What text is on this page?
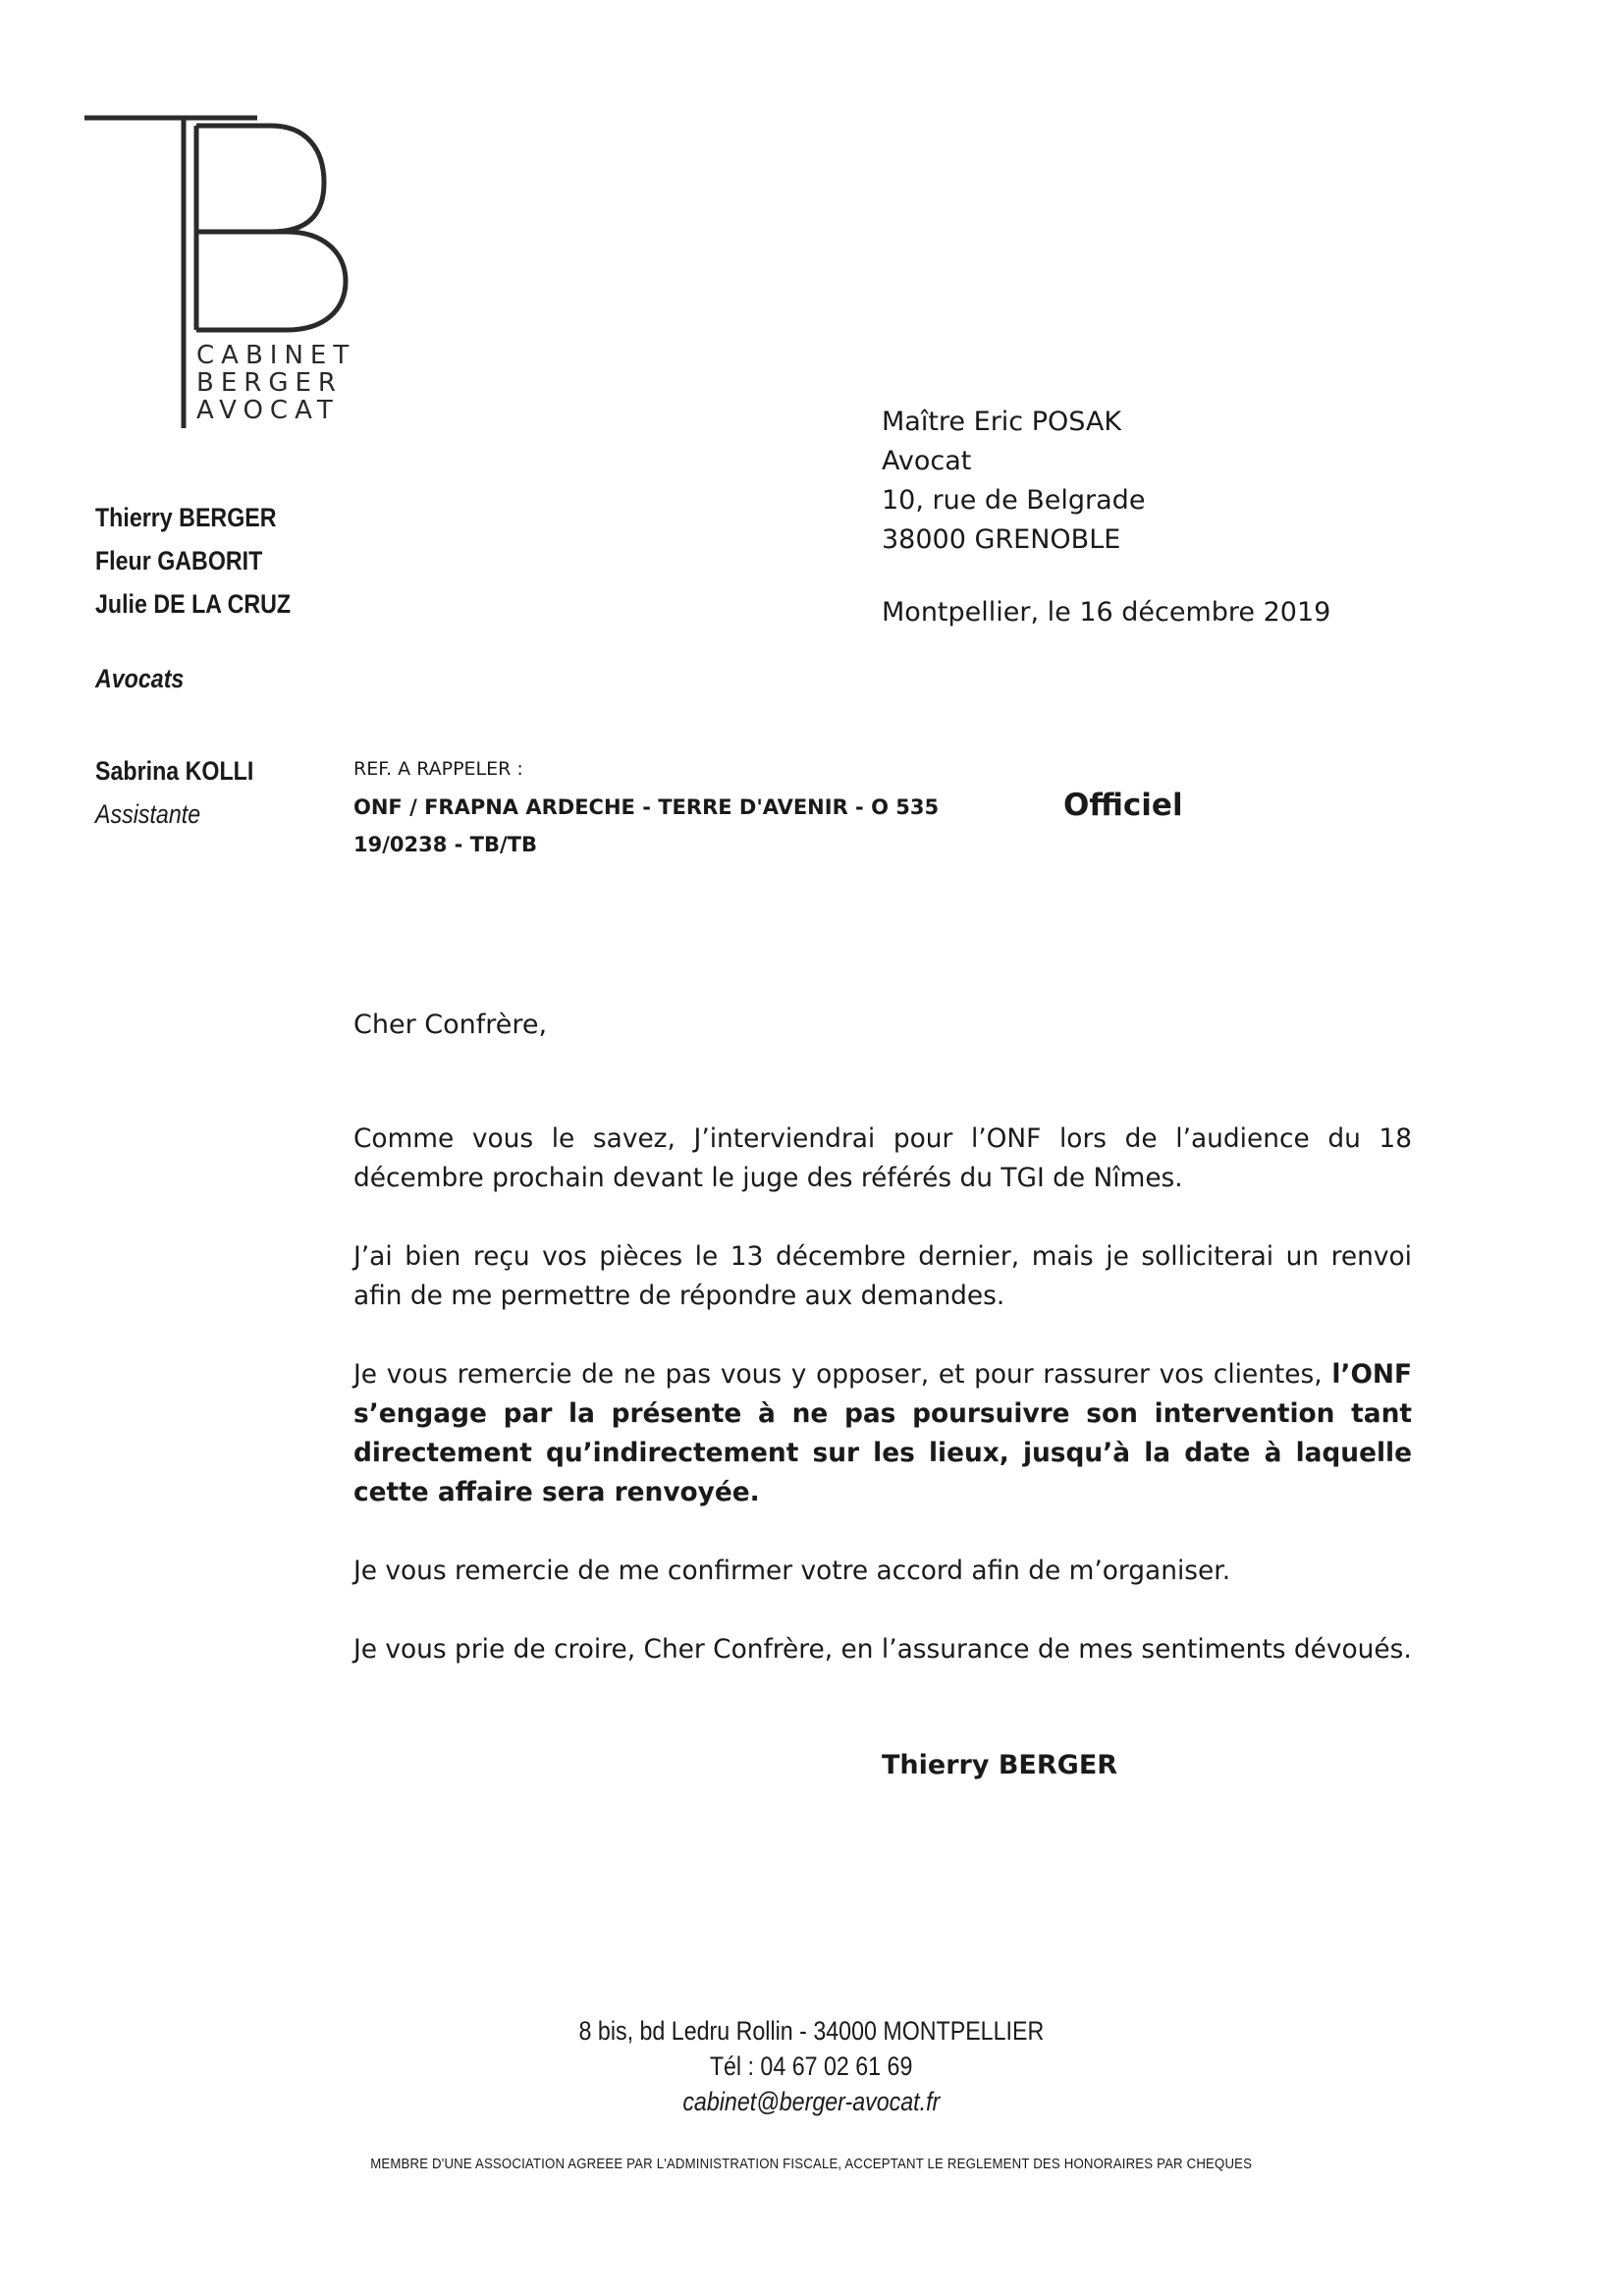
CABINET
BERGER
AVOCAT
Thierry BERGER
Fleur GABORIT
Julie DE LA CRUZ
Avocats
Sabrina KOLLI
Assistante
Maître Eric POSAK
Avocat
10, rue de Belgrade
38000 GRENOBLE
Montpellier, le 16 décembre 2019
REF. A RAPPELER :
ONF / FRAPNA ARDECHE - TERRE D'AVENIR - O 535
19/0238 - TB/TB
Officiel
Cher Confrère,
Comme vous le savez, J’interviendrai pour l’ONF lors de l’audience du 18 décembre prochain devant le juge des référés du TGI de Nîmes.
J’ai bien reçu vos pièces le 13 décembre dernier, mais je solliciterai un renvoi afin de me permettre de répondre aux demandes.
Je vous remercie de ne pas vous y opposer, et pour rassurer vos clientes, l’ONF s’engage par la présente à ne pas poursuivre son intervention tant directement qu’indirectement sur les lieux, jusqu’à la date à laquelle cette affaire sera renvoyée.
Je vous remercie de me confirmer votre accord afin de m’organiser.
Je vous prie de croire, Cher Confrère, en l’assurance de mes sentiments dévoués.
Thierry BERGER
8 bis, bd Ledru Rollin - 34000 MONTPELLIER
Tél : 04 67 02 61 69
cabinet@berger-avocat.fr
MEMBRE D'UNE ASSOCIATION AGREEE PAR L'ADMINISTRATION FISCALE, ACCEPTANT LE REGLEMENT DES HONORAIRES PAR CHEQUES
